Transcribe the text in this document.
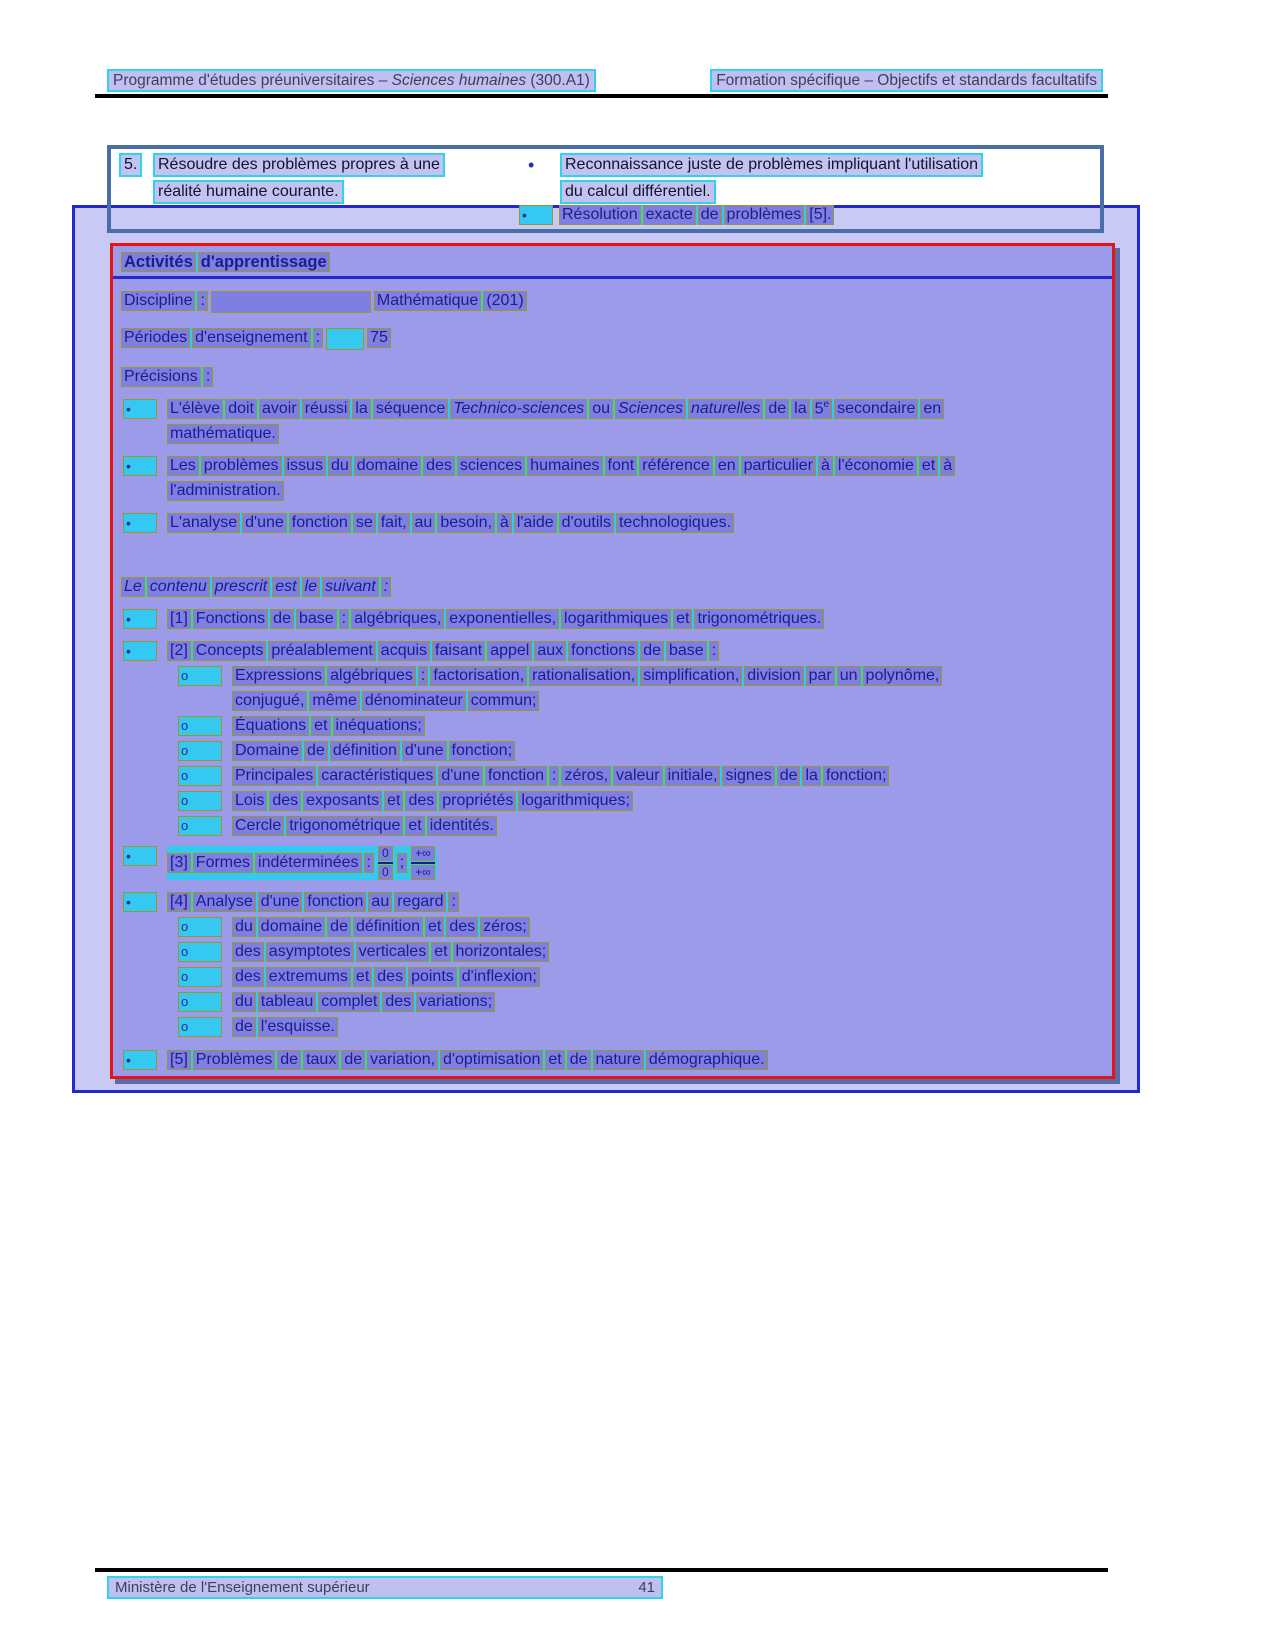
Programme d'études préuniversitaires – Sciences humaines (300.A1)	Formation spécifique – Objectifs et standards facultatifs
5.	Résoudre des problèmes propres à une
réalité humaine courante.
•	Reconnaissance juste de problèmes impliquant l'utilisation
du calcul différentiel.
•	Résolution exacte de problèmes [5].
Activités d'apprentissage
Discipline :	Mathématique (201)
Périodes d'enseignement :	75
Précisions :
•	L'élève doit avoir réussi la séquence Technico-sciences ou Sciences naturelles de la 5e secondaire en
mathématique.
•	Les problèmes issus du domaine des sciences humaines font référence en particulier à l'économie et à
l'administration.
•	L'analyse d'une fonction se fait, au besoin, à l'aide d'outils technologiques.
Le contenu prescrit est le suivant :
•	[1] Fonctions de base : algébriques, exponentielles, logarithmiques et trigonométriques.
•	[2] Concepts préalablement acquis faisant appel aux fonctions de base :
o	Expressions algébriques : factorisation, rationalisation, simplification, division par un polynôme,
conjugué, même dénominateur commun;
o	Équations et inéquations;
o	Domaine de définition d'une fonction;
o	Principales caractéristiques d'une fonction : zéros, valeur initiale, signes de la fonction;
o	Lois des exposants et des propriétés logarithmiques;
o	Cercle trigonométrique et identités.
•	[3] Formes indéterminées : $\frac{0}{0}$ ; $\frac{+\infty}{+\infty}$
•	[4] Analyse d'une fonction au regard :
o	du domaine de définition et des zéros;
o	des asymptotes verticales et horizontales;
o	des extremums et des points d'inflexion;
o	du tableau complet des variations;
o	de l'esquisse.
•	[5] Problèmes de taux de variation, d'optimisation et de nature démographique.
Ministère de l'Enseignement supérieur	41
